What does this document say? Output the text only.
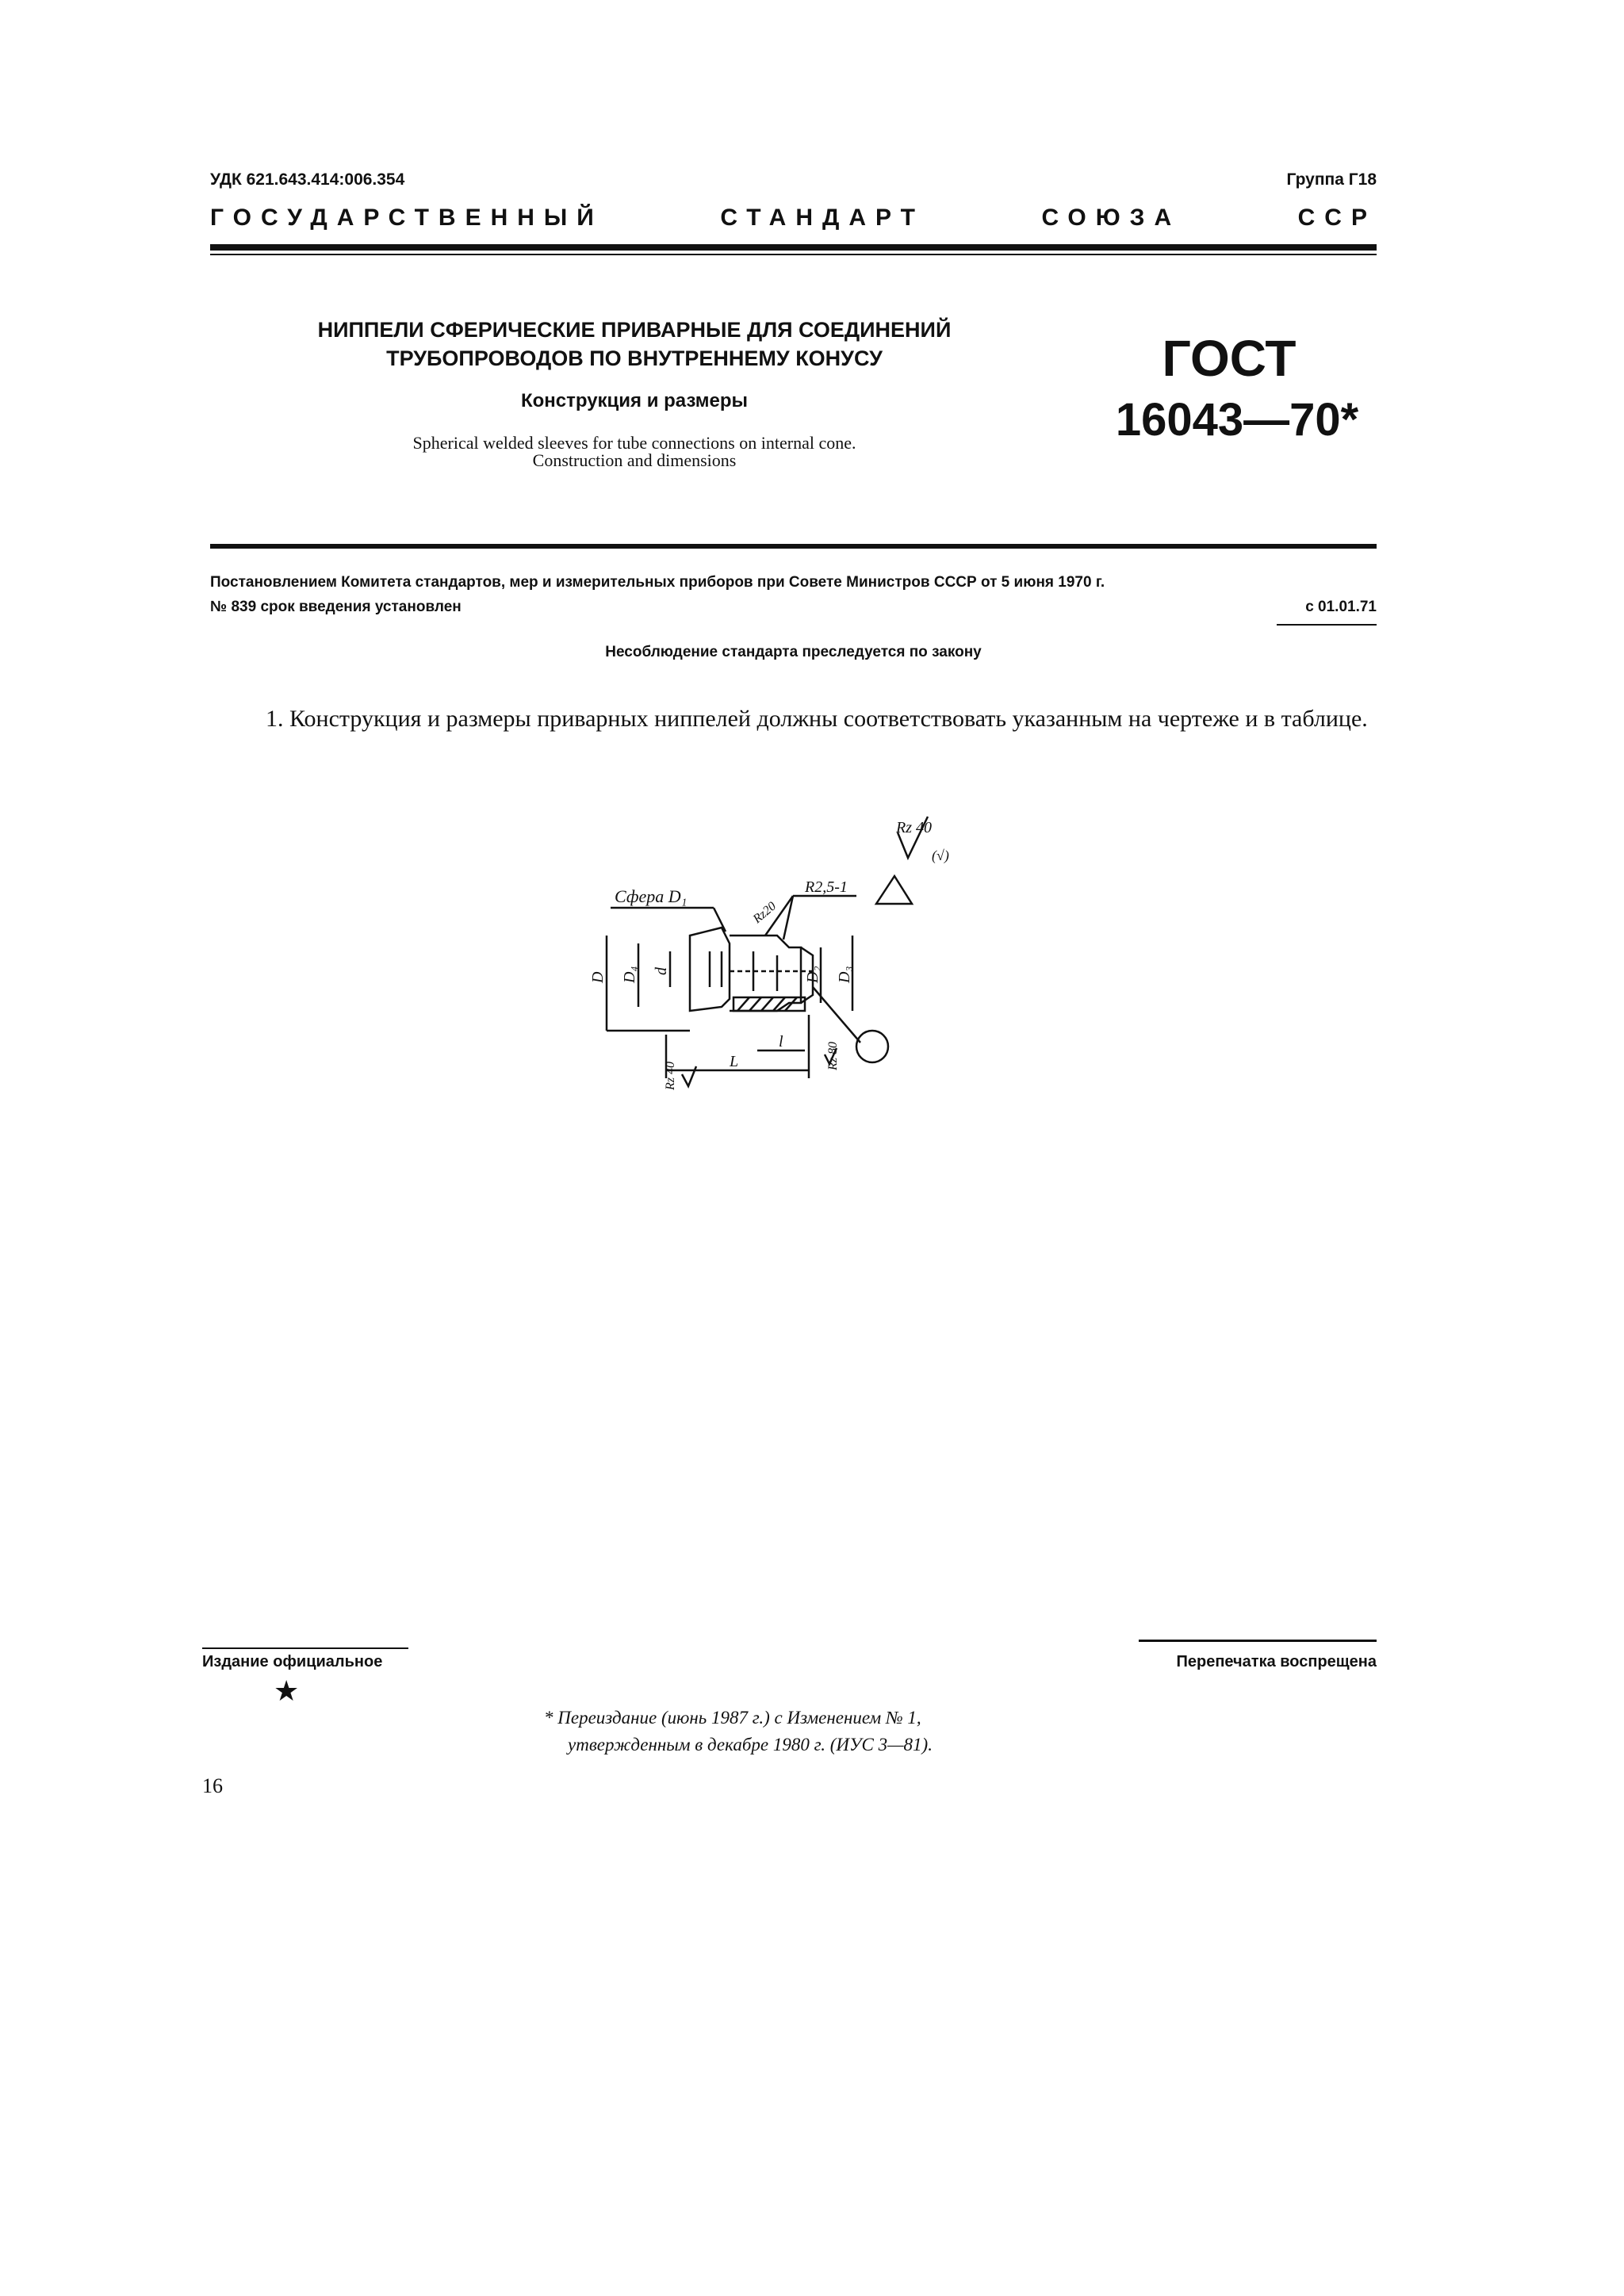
УДК 621.643.414:006.354	Группа Г18
ГОСУДАРСТВЕННЫЙ	СТАНДАРТ	СОЮЗА	ССР
НИППЕЛИ СФЕРИЧЕСКИЕ ПРИВАРНЫЕ ДЛЯ СОЕДИНЕНИЙ
ТРУБОПРОВОДОВ ПО ВНУТРЕННЕМУ КОНУСУ
Конструкция и размеры
Spherical welded sleeves for tube connections on internal cone.
Construction and dimensions
ГОСТ
16043—70*
Постановлением Комитета стандартов, мер и измерительных приборов при Совете Министров СССР от 5 июня 1970 г.
№ 839 срок введения установлен	с 01.01.71
Несоблюдение стандарта преследуется по закону
1. Конструкция и размеры приварных ниппелей должны соответствовать указанным на чертеже и в таблице.
Rz 40
(√)
Сфера D₁	R2,5-1
Rz20
D D₄ d	D₂ D₃
L
l
Rz 40
Rz 80
Издание официальное	Перепечатка воспрещена
★
* Переиздание (июнь 1987 г.) с Изменением № 1,
утвержденным в декабре 1980 г. (ИУС 3—81).
16
